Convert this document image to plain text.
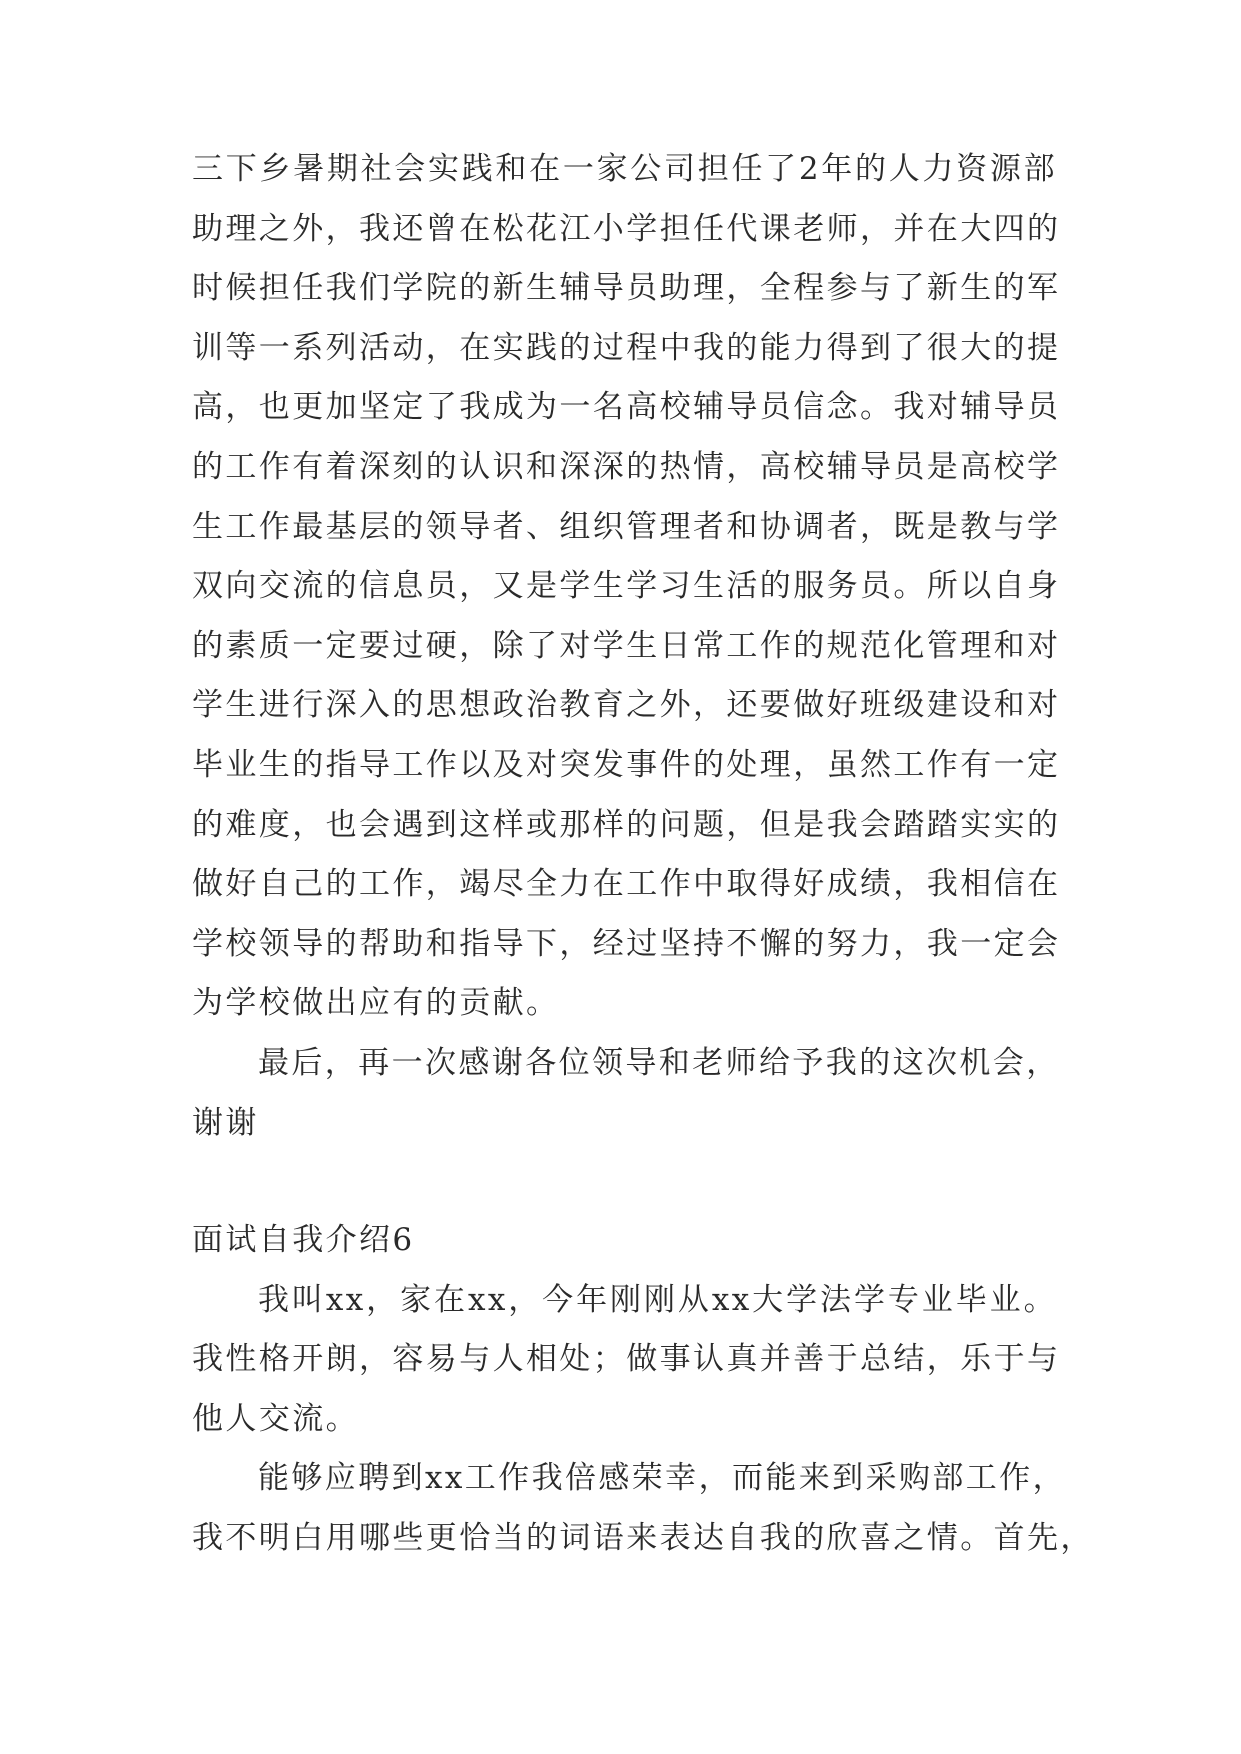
三下乡暑期社会实践和在一家公司担任了2年的人力资源部
助理之外，我还曾在松花江小学担任代课老师，并在大四的
时候担任我们学院的新生辅导员助理，全程参与了新生的军
训等一系列活动，在实践的过程中我的能力得到了很大的提
高，也更加坚定了我成为一名高校辅导员信念。我对辅导员
的工作有着深刻的认识和深深的热情，高校辅导员是高校学
生工作最基层的领导者、组织管理者和协调者，既是教与学
双向交流的信息员，又是学生学习生活的服务员。所以自身
的素质一定要过硬，除了对学生日常工作的规范化管理和对
学生进行深入的思想政治教育之外，还要做好班级建设和对
毕业生的指导工作以及对突发事件的处理，虽然工作有一定
的难度，也会遇到这样或那样的问题，但是我会踏踏实实的
做好自己的工作，竭尽全力在工作中取得好成绩，我相信在
学校领导的帮助和指导下，经过坚持不懈的努力，我一定会
为学校做出应有的贡献。
最后，再一次感谢各位领导和老师给予我的这次机会，
谢谢
面试自我介绍6
我叫xx，家在xx，今年刚刚从xx大学法学专业毕业。
我性格开朗，容易与人相处；做事认真并善于总结，乐于与
他人交流。
能够应聘到xx工作我倍感荣幸，而能来到采购部工作，
我不明白用哪些更恰当的词语来表达自我的欣喜之情。首先，
